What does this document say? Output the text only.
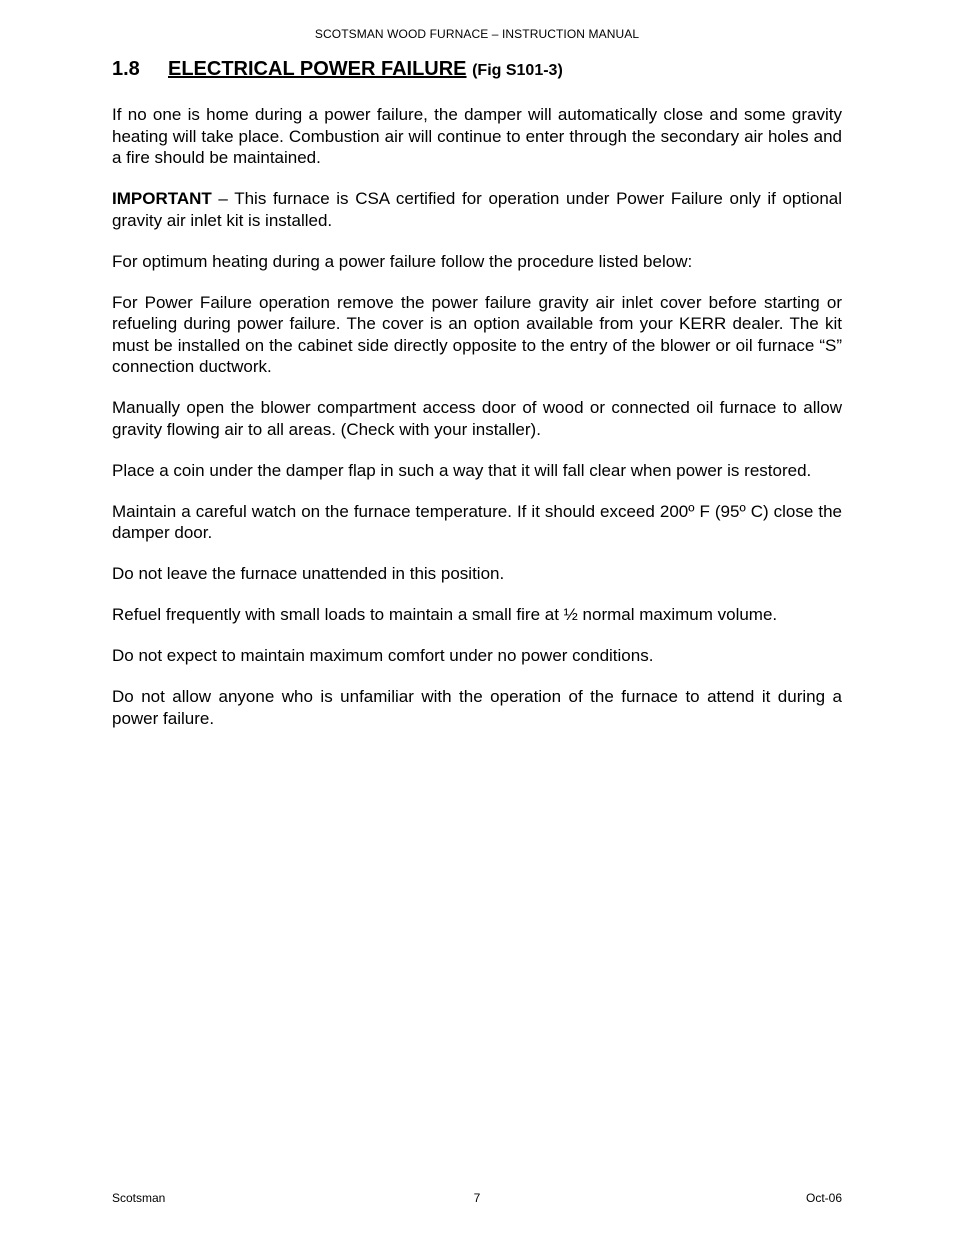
SCOTSMAN WOOD FURNACE – INSTRUCTION MANUAL
1.8 ELECTRICAL POWER FAILURE (Fig S101-3)

If no one is home during a power failure, the damper will automatically close and some gravity heating will take place. Combustion air will continue to enter through the secondary air holes and a fire should be maintained.

IMPORTANT – This furnace is CSA certified for operation under Power Failure only if optional gravity air inlet kit is installed.

For optimum heating during a power failure follow the procedure listed below:

For Power Failure operation remove the power failure gravity air inlet cover before starting or refueling during power failure. The cover is an option available from your KERR dealer. The kit must be installed on the cabinet side directly opposite to the entry of the blower or oil furnace “S” connection ductwork.

Manually open the blower compartment access door of wood or connected oil furnace to allow gravity flowing air to all areas. (Check with your installer).

Place a coin under the damper flap in such a way that it will fall clear when power is restored.

Maintain a careful watch on the furnace temperature. If it should exceed 200º F (95º C) close the damper door.

Do not leave the furnace unattended in this position.

Refuel frequently with small loads to maintain a small fire at ½ normal maximum volume.

Do not expect to maintain maximum comfort under no power conditions.

Do not allow anyone who is unfamiliar with the operation of the furnace to attend it during a power failure.

Scotsman	7	Oct-06
